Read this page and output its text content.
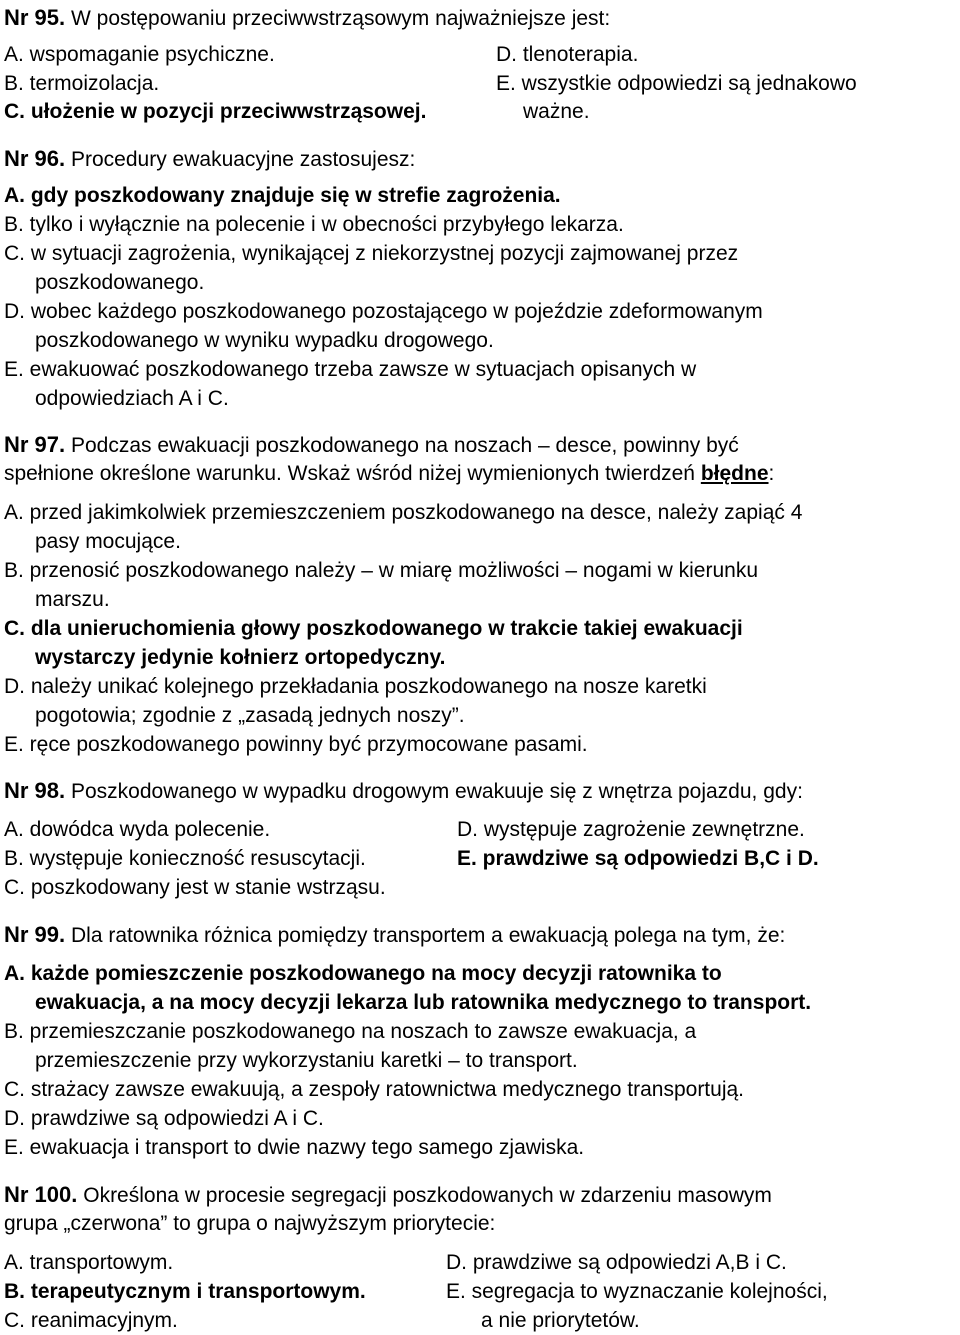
Nr 95. W postępowaniu przeciwwstrząsowym najważniejsze jest:
A. wspomaganie psychiczne.
B. termoizolacja.
C. ułożenie w pozycji przeciwwstrząsowej.
D. tlenoterapia.
E. wszystkie odpowiedzi są jednakowo
ważne.
Nr 96. Procedury ewakuacyjne zastosujesz:
A. gdy poszkodowany znajduje się w strefie zagrożenia.
B. tylko i wyłącznie na polecenie i w obecności przybyłego lekarza.
C. w sytuacji zagrożenia, wynikającej z niekorzystnej pozycji zajmowanej przez
poszkodowanego.
D. wobec każdego poszkodowanego pozostającego w pojeździe zdeformowanym
poszkodowanego w wyniku wypadku drogowego.
E. ewakuować poszkodowanego trzeba zawsze w sytuacjach opisanych w
odpowiedziach A i C.
Nr 97. Podczas ewakuacji poszkodowanego na noszach – desce, powinny być
spełnione określone warunku. Wskaż wśród niżej wymienionych twierdzeń błędne:
A. przed jakimkolwiek przemieszczeniem poszkodowanego na desce, należy zapiąć 4
pasy mocujące.
B. przenosić poszkodowanego należy – w miarę możliwości – nogami w kierunku
marszu.
C. dla unieruchomienia głowy poszkodowanego w trakcie takiej ewakuacji
wystarczy jedynie kołnierz ortopedyczny.
D. należy unikać kolejnego przekładania poszkodowanego na nosze karetki
pogotowia; zgodnie z „zasadą jednych noszy”.
E. ręce poszkodowanego powinny być przymocowane pasami.
Nr 98. Poszkodowanego w wypadku drogowym ewakuuje się z wnętrza pojazdu, gdy:
A. dowódca wyda polecenie.
B. występuje konieczność resuscytacji.
C. poszkodowany jest w stanie wstrząsu.
D. występuje zagrożenie zewnętrzne.
E. prawdziwe są odpowiedzi B,C i D.
Nr 99. Dla ratownika różnica pomiędzy transportem a ewakuacją polega na tym, że:
A. każde pomieszczenie poszkodowanego na mocy decyzji ratownika to
ewakuacja, a na mocy decyzji lekarza lub ratownika medycznego to transport.
B. przemieszczanie poszkodowanego na noszach to zawsze ewakuacja, a
przemieszczenie przy wykorzystaniu karetki – to transport.
C. strażacy zawsze ewakuują, a zespoły ratownictwa medycznego transportują.
D. prawdziwe są odpowiedzi A i C.
E. ewakuacja i transport to dwie nazwy tego samego zjawiska.
Nr 100. Określona w procesie segregacji poszkodowanych w zdarzeniu masowym
grupa „czerwona” to grupa o najwyższym priorytecie:
A. transportowym.
B. terapeutycznym i transportowym.
C. reanimacyjnym.
D. prawdziwe są odpowiedzi A,B i C.
E. segregacja to wyznaczanie kolejności,
a nie priorytetów.
